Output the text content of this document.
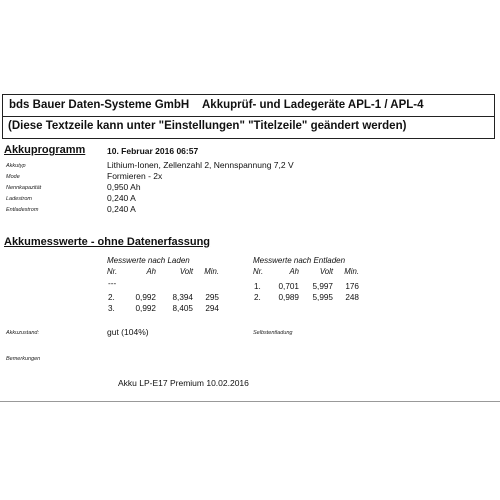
bds Bauer Daten-Systeme GmbH Akkuprüf- und Ladegeräte APL-1 / APL-4
(Diese Textzeile kann unter "Einstellungen" "Titelzeile" geändert werden)
Akkuprogramm	10. Februar 2016 06:57
Akkutyp	Lithium-Ionen, Zellenzahl 2, Nennspannung 7,2 V
Mode	Formieren - 2x
Nennkapazität	0,950 Ah
Ladestrom	0,240 A
Entladestrom	0,240 A
Akkumesswerte - ohne Datenerfassung
Messwerte nach Laden
Nr.	Ah	Volt	Min.
---
2.	0,992	8,394	295
3.	0,992	8,405	294
Messwerte nach Entladen
Nr.	Ah	Volt	Min.
1.	0,701	5,997	176
2.	0,989	5,995	248
Akkuzustand:	gut (104%)	Selbstentladung
Bemerkungen
Akku LP-E17 Premium 10.02.2016
